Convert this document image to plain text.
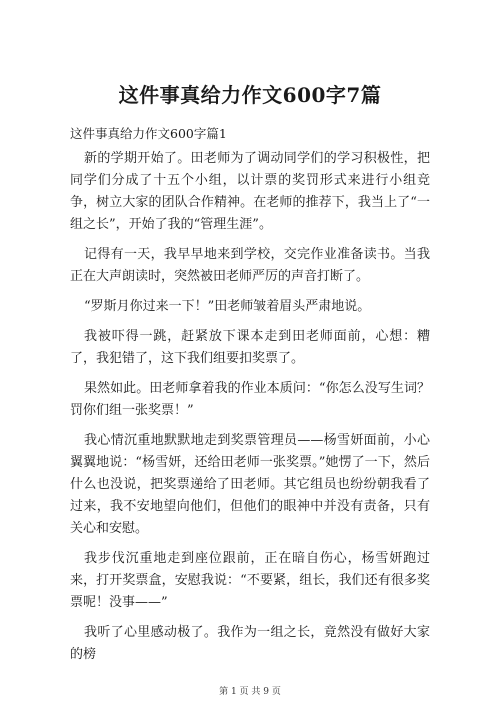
这件事真给力作文600字7篇

这件事真给力作文600字篇1

新的学期开始了。田老师为了调动同学们的学习积极性，把同学们分成了十五个小组，以计票的奖罚形式来进行小组竞争，树立大家的团队合作精神。在老师的推荐下，我当上了“一组之长”，开始了我的“管理生涯”。

记得有一天，我早早地来到学校，交完作业准备读书。当我正在大声朗读时，突然被田老师严厉的声音打断了。

“罗斯月你过来一下！”田老师皱着眉头严肃地说。

我被吓得一跳，赶紧放下课本走到田老师面前，心想：糟了，我犯错了，这下我们组要扣奖票了。

果然如此。田老师拿着我的作业本质问：“你怎么没写生词？罚你们组一张奖票！”

我心情沉重地默默地走到奖票管理员——杨雪妍面前，小心翼翼地说：“杨雪妍，还给田老师一张奖票。”她愣了一下，然后什么也没说，把奖票递给了田老师。其它组员也纷纷朝我看了过来，我不安地望向他们，但他们的眼神中并没有责备，只有关心和安慰。

我步伐沉重地走到座位跟前，正在暗自伤心，杨雪妍跑过来，打开奖票盒，安慰我说：“不要紧，组长，我们还有很多奖票呢！没事——”

我听了心里感动极了。我作为一组之长，竟然没有做好大家的榜

第 1 页 共 9 页
